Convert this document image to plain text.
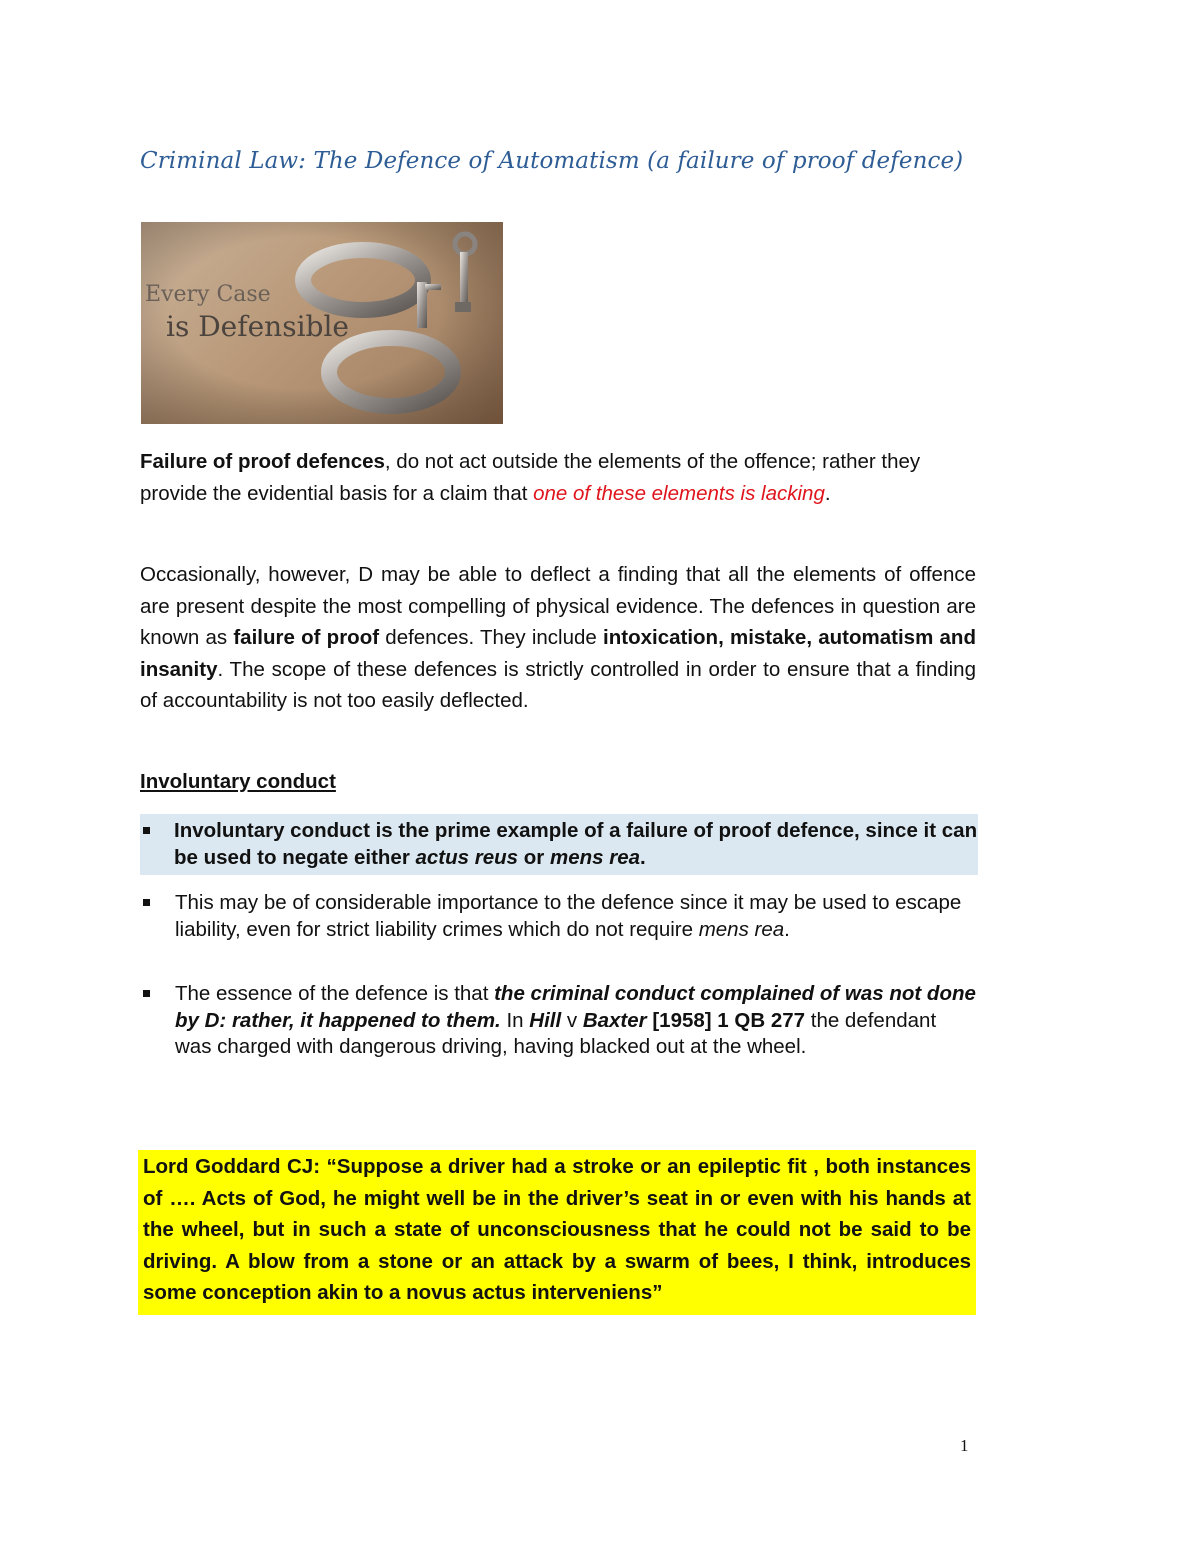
Criminal Law: The Defence of Automatism (a failure of proof defence)
Every Case
is Defensible
Failure of proof defences, do not act outside the elements of the offence; rather they provide the evidential basis for a claim that one of these elements is lacking.
Occasionally, however, D may be able to deflect a finding that all the elements of offence are present despite the most compelling of physical evidence. The defences in question are known as failure of proof defences. They include intoxication, mistake, automatism and insanity. The scope of these defences is strictly controlled in order to ensure that a finding of accountability is not too easily deflected.
Involuntary conduct
Involuntary conduct is the prime example of a failure of proof defence, since it can be used to negate either actus reus or mens rea.
This may be of considerable importance to the defence since it may be used to escape liability, even for strict liability crimes which do not require mens rea.
The essence of the defence is that the criminal conduct complained of was not done by D: rather, it happened to them. In Hill v Baxter [1958] 1 QB 277 the defendant was charged with dangerous driving, having blacked out at the wheel.
Lord Goddard CJ: “Suppose a driver had a stroke or an epileptic fit , both instances of …. Acts of God, he might well be in the driver’s seat in or even with his hands at the wheel, but in such a state of unconsciousness that he could not be said to be driving. A blow from a stone or an attack by a swarm of bees, I think, introduces some conception akin to a novus actus interveniens”
1
